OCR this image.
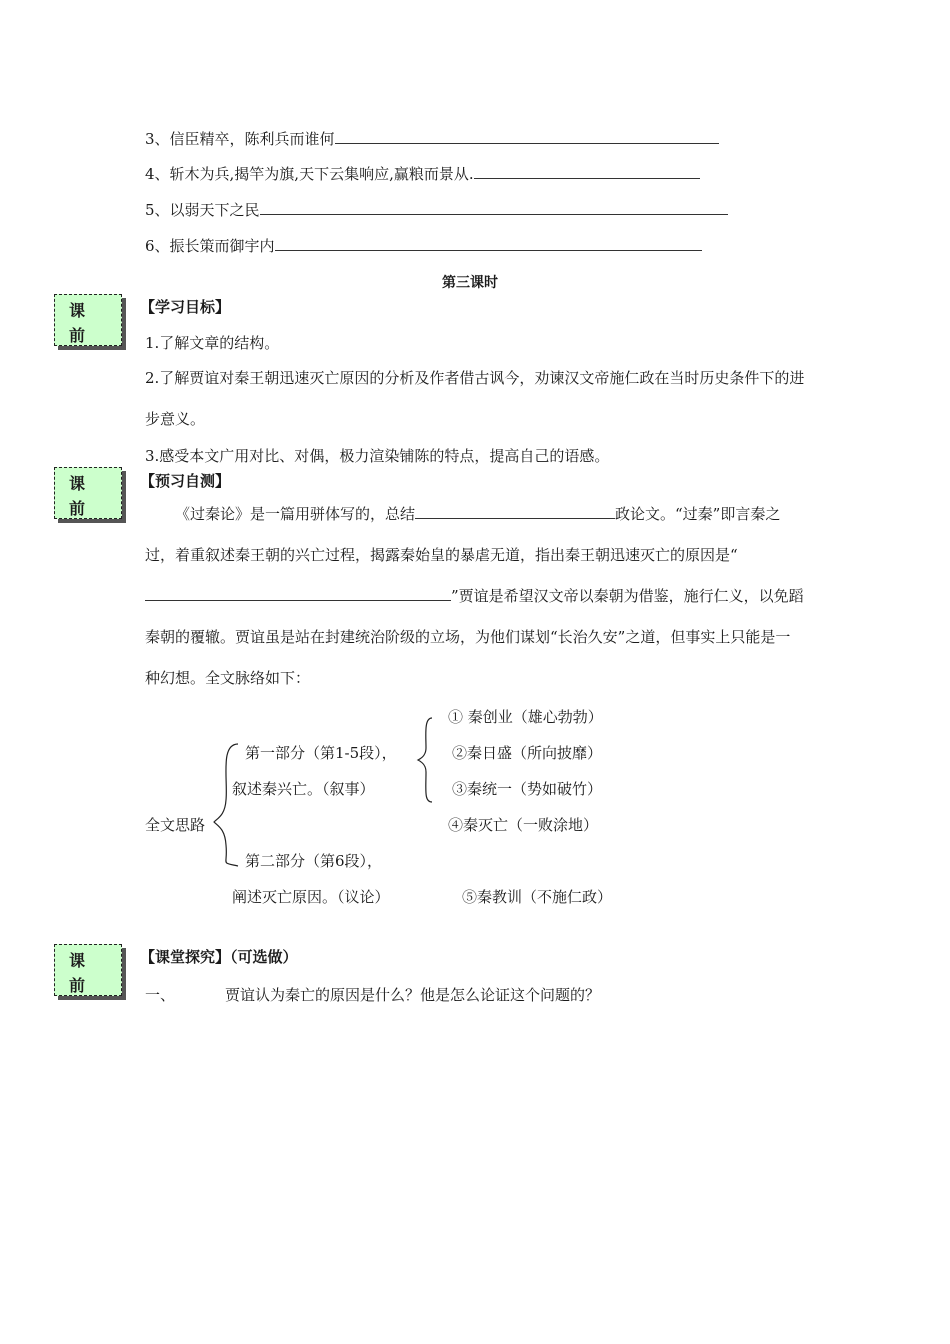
3、信臣精卒，陈利兵而谁何
4、斩木为兵,揭竿为旗,天下云集响应,赢粮而景从.
5、以弱天下之民
6、振长策而御宇内
第三课时
课
前
课
前
课
前
【学习目标】
1.了解文章的结构。
2.了解贾谊对秦王朝迅速灭亡原因的分析及作者借古讽今，劝谏汉文帝施仁政在当时历史条件下的进步意义。
3.感受本文广用对比、对偶，极力渲染铺陈的特点，提高自己的语感。
【预习自测】
《过秦论》是一篇用骈体写的，总结	政论文。“过秦”即言秦之过，着重叙述秦王朝的兴亡过程，揭露秦始皇的暴虐无道，指出秦王朝迅速灭亡的原因是“”贾谊是希望汉文帝以秦朝为借鉴，施行仁义，以免蹈秦朝的覆辙。贾谊虽是站在封建统治阶级的立场，为他们谋划“长治久安”之道，但事实上只能是一种幻想。全文脉络如下：
全文思路
第一部分（第1-5段），
叙述秦兴亡。（叙事）
第二部分（第6段），
阐述灭亡原因。（议论）
① 秦创业（雄心勃勃）
②秦日盛（所向披靡）
③秦统一（势如破竹）
④秦灭亡（一败涂地）
⑤秦教训（不施仁政）
【课堂探究】（可选做）
一、	贾谊认为秦亡的原因是什么？他是怎么论证这个问题的？
